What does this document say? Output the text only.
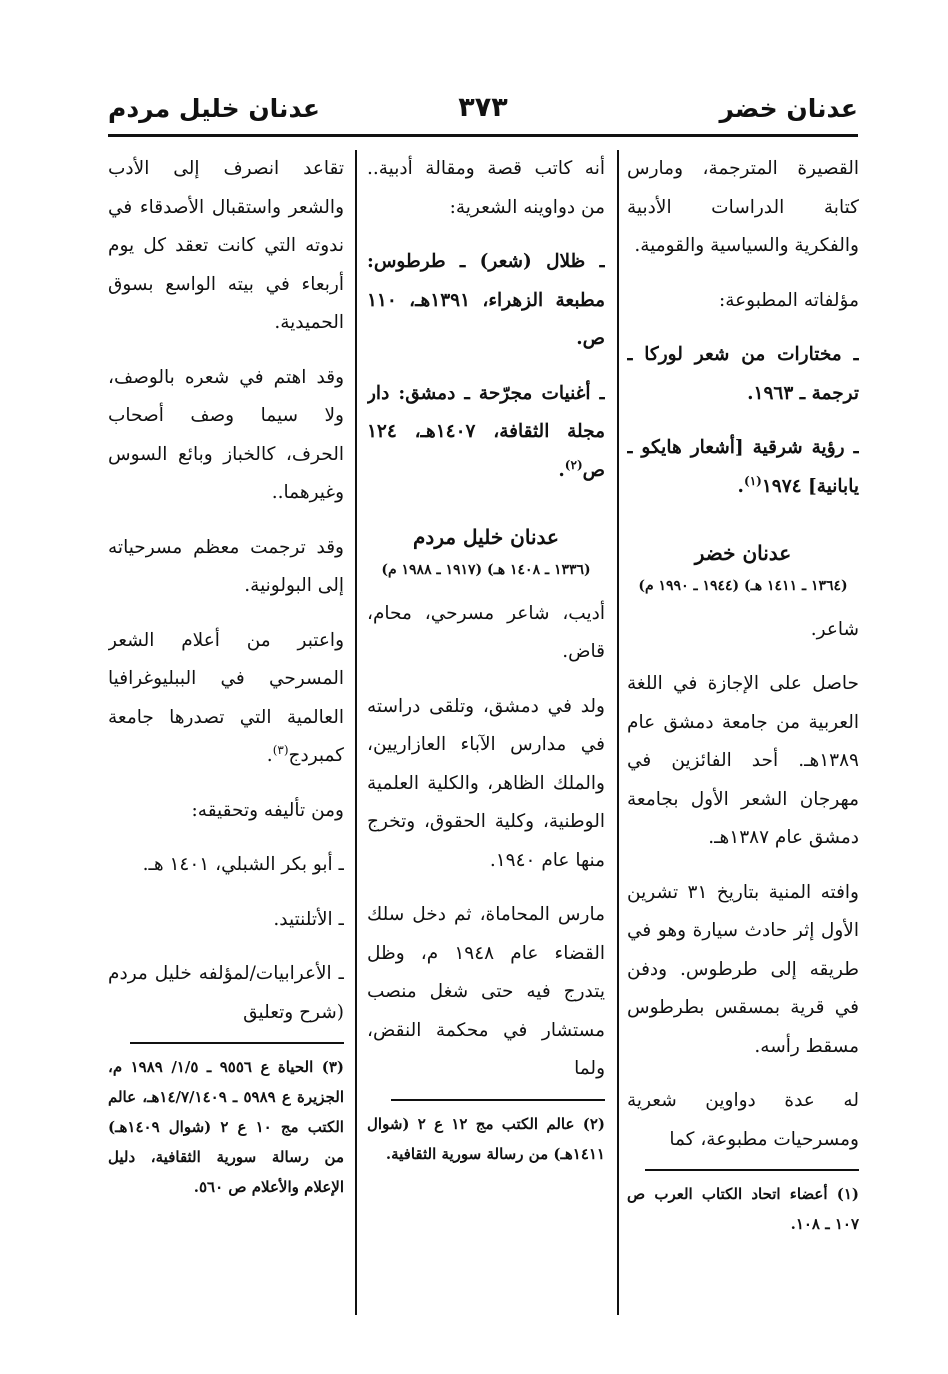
عدنان خضر
٣٧٣
عدنان خليل مردم

القصيرة المترجمة، ومارس كتابة الدراسات الأدبية والفكرية والسياسية والقومية.

مؤلفاته المطبوعة:

ـ مختارات من شعر لوركا ـ ترجمة ـ ١٩٦٣.

ـ رؤية شرقية [أشعار هايكو ـ يابانية] ١٩٧٤$^{(١)}$.

عدنان خضر
(١٣٦٤ ـ ١٤١١ هـ) (١٩٤٤ ـ ١٩٩٠ م)

شاعر.

حاصل على الإجازة في اللغة العربية من جامعة دمشق عام ١٣٨٩هـ. أحد الفائزين في مهرجان الشعر الأول بجامعة دمشق عام ١٣٨٧هـ.

وافته المنية بتاريخ ٣١ تشرين الأول إثر حادث سيارة وهو في طريقه إلى طرطوس. ودفن في قرية بمسقس بطرطوس مسقط رأسه.

له عدة دواوين شعرية ومسرحيات مطبوعة، كما

(١) أعضاء اتحاد الكتاب العرب ص ١٠٧ ـ ١٠٨.

أنه كاتب قصة ومقالة أدبية.. من دواوينه الشعرية:

ـ ظلال (شعر) ـ طرطوس: مطبعة الزهراء، ١٣٩١هـ، ١١٠ ص.

ـ أغنيات مجرّحة ـ دمشق: دار مجلة الثقافة، ١٤٠٧هـ، ١٢٤ ص$^{(٢)}$.

عدنان خليل مردم
(١٣٣٦ ـ ١٤٠٨ هـ) (١٩١٧ ـ ١٩٨٨ م)

أديب، شاعر مسرحي، محام، قاض.

ولد في دمشق، وتلقى دراسته في مدارس الآباء العازاريين، والملك الظاهر، والكلية العلمية الوطنية، وكلية الحقوق، وتخرج منها عام ١٩٤٠.

مارس المحاماة، ثم دخل سلك القضاء عام ١٩٤٨ م، وظل يتدرج فيه حتى شغل منصب مستشار في محكمة النقض، ولما

(٢) عالم الكتب مج ١٢ ع ٢ (شوال ١٤١١هـ) من رسالة سورية الثقافية.

تقاعد انصرف إلى الأدب والشعر واستقبال الأصدقاء في ندوته التي كانت تعقد كل يوم أربعاء في بيته الواسع بسوق الحميدية.

وقد اهتم في شعره بالوصف، ولا سيما وصف أصحاب الحرف، كالخباز وبائع السوس وغيرهما..

وقد ترجمت معظم مسرحياته إلى البولونية.

واعتبر من أعلام الشعر المسرحي في الببليوغرافيا العالمية التي تصدرها جامعة كمبردج$^{(٣)}$.

ومن تأليفه وتحقيقه:

ـ أبو بكر الشبلي، ١٤٠١ هـ.

ـ الأتلنتيد.

ـ الأعرابيات/لمؤلفه خليل مردم (شرح وتعليق

(٣) الحياة ع ٩٥٥٦ ـ ١/٥/ ١٩٨٩ م، الجزيرة ع ٥٩٨٩ ـ ١٤/٧/١٤٠٩هـ، عالم الكتب مج ١٠ ع ٢ (شوال ١٤٠٩هـ) من رسالة سورية الثقافية، دليل الإعلام والأعلام ص ٥٦٠.
